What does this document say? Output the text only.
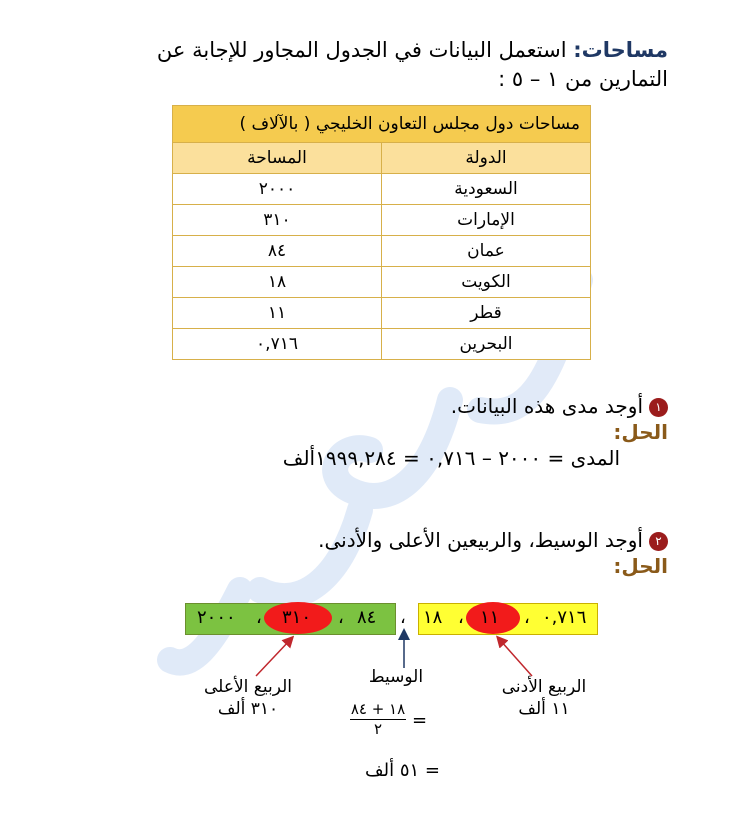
مساحات: استعمل البيانات في الجدول المجاور للإجابة عن التمارين من ١ – ٥ :
مساحات دول مجلس التعاون الخليجي ( بالآلاف )	
الدولة	المساحة
السعودية	٢٠٠٠
الإمارات	٣١٠
عمان	٨٤
الكويت	١٨
قطر	١١
البحرين	٠,٧١٦
١أوجد مدى هذه البيانات.
الحل:
المدى = ٢٠٠٠ – ٠,٧١٦ = ١٩٩٩,٢٨٤ألف
٢أوجد الوسيط، والربيعين الأعلى والأدنى.
الحل:
٢٠٠٠ ، ٣١٠ ، ٨٤ ، ١٨ ، ١١ ، ٠,٧١٦
الربيع الأعلى
٣١٠ ألف
الوسيط	الربيع الأدنى
١١ ألف
١٨ + ٨٤
٢	=
= ٥١ ألف
